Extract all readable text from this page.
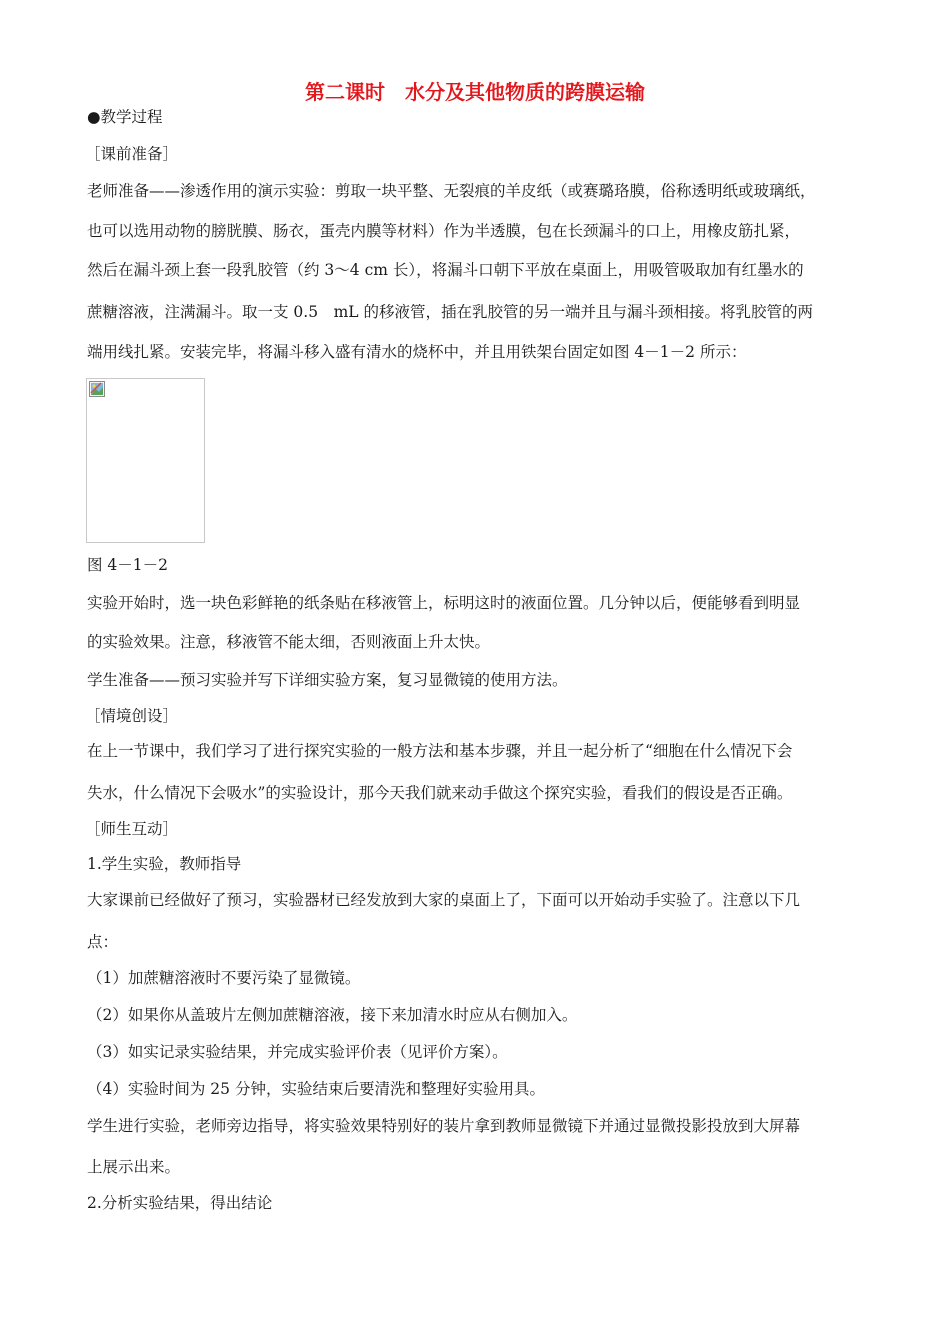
第二课时　水分及其他物质的跨膜运输
●教学过程
［课前准备］
老师准备——渗透作用的演示实验：剪取一块平整、无裂痕的羊皮纸（或赛璐珞膜，俗称透明纸或玻璃纸，
也可以选用动物的膀胱膜、肠衣，蛋壳内膜等材料）作为半透膜，包在长颈漏斗的口上，用橡皮筋扎紧，
然后在漏斗颈上套一段乳胶管（约 3～4 cm 长），将漏斗口朝下平放在桌面上，用吸管吸取加有红墨水的
蔗糖溶液，注满漏斗。取一支 0.5　mL 的移液管，插在乳胶管的另一端并且与漏斗颈相接。将乳胶管的两
端用线扎紧。安装完毕，将漏斗移入盛有清水的烧杯中，并且用铁架台固定如图 4－1－2 所示：
图 4－1－2
实验开始时，选一块色彩鲜艳的纸条贴在移液管上，标明这时的液面位置。几分钟以后，便能够看到明显
的实验效果。注意，移液管不能太细，否则液面上升太快。
学生准备——预习实验并写下详细实验方案，复习显微镜的使用方法。
［情境创设］
在上一节课中，我们学习了进行探究实验的一般方法和基本步骤，并且一起分析了“细胞在什么情况下会
失水，什么情况下会吸水”的实验设计，那今天我们就来动手做这个探究实验，看我们的假设是否正确。
［师生互动］
1.学生实验，教师指导
大家课前已经做好了预习，实验器材已经发放到大家的桌面上了，下面可以开始动手实验了。注意以下几
点：
（1）加蔗糖溶液时不要污染了显微镜。
（2）如果你从盖玻片左侧加蔗糖溶液，接下来加清水时应从右侧加入。
（3）如实记录实验结果，并完成实验评价表（见评价方案）。
（4）实验时间为 25 分钟，实验结束后要清洗和整理好实验用具。
学生进行实验，老师旁边指导，将实验效果特别好的装片拿到教师显微镜下并通过显微投影投放到大屏幕
上展示出来。
2.分析实验结果，得出结论
